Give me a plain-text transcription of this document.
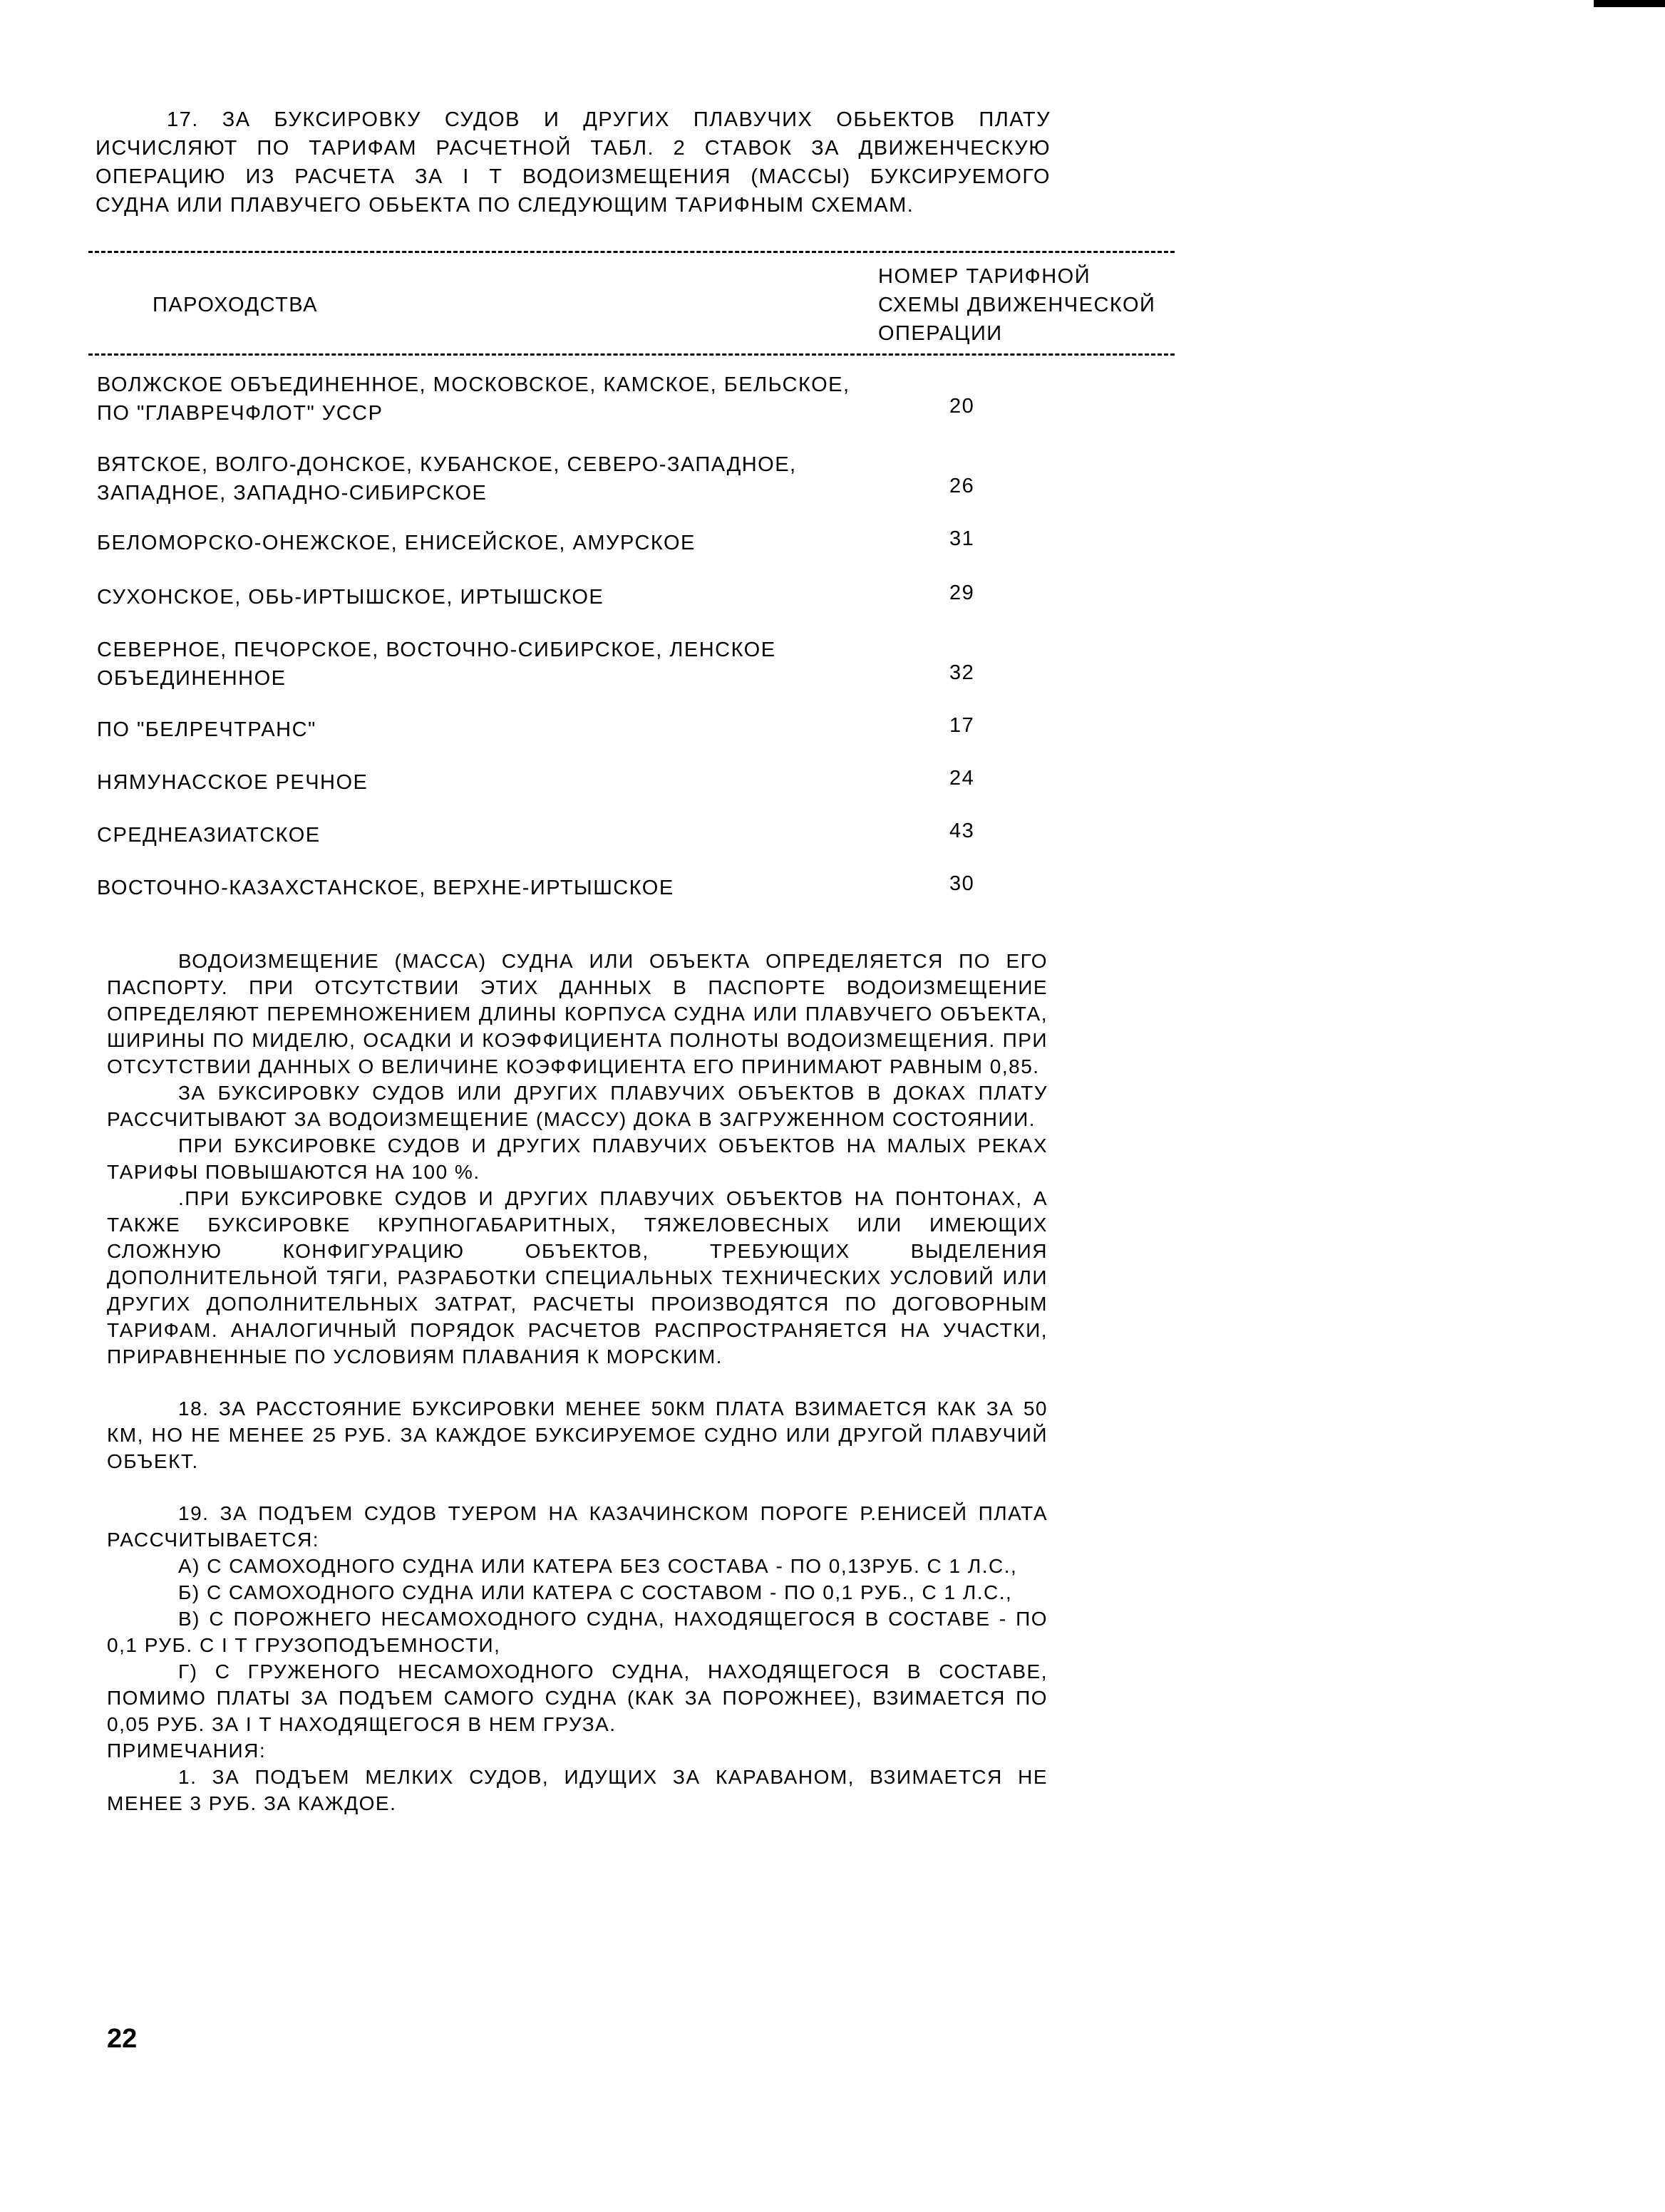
17. ЗА БУКСИРОВКУ СУДОВ И ДРУГИХ ПЛАВУЧИХ ОБЬЕКТОВ ПЛАТУ
ИСЧИСЛЯЮТ ПО ТАРИФАМ РАСЧЕТНОЙ ТАБЛ. 2 СТАВОК ЗА ДВИЖЕНЧЕСКУЮ
ОПЕРАЦИЮ ИЗ РАСЧЕТА ЗА I Т ВОДОИЗМЕЩЕНИЯ (МАССЫ) БУКСИРУЕМОГО
СУДНА ИЛИ ПЛАВУЧЕГО ОБЬЕКТА ПО СЛЕДУЮЩИМ ТАРИФНЫМ СХЕМАМ.
ПАРОХОДСТВА
НОМЕР ТАРИФНОЙ
СХЕМЫ ДВИЖЕНЧЕСКОЙ
ОПЕРАЦИИ
ВОЛЖСКОЕ ОБЪЕДИНЕННОЕ, МОСКОВСКОЕ, КАМСКОЕ, БЕЛЬСКОЕ,
ПО "ГЛАВРЕЧФЛОТ" УССР	20
ВЯТСКОЕ, ВОЛГО-ДОНСКОЕ, КУБАНСКОЕ, СЕВЕРО-ЗАПАДНОЕ,
ЗАПАДНОЕ, ЗАПАДНО-СИБИРСКОЕ	26
БЕЛОМОРСКО-ОНЕЖСКОЕ, ЕНИСЕЙСКОЕ, АМУРСКОЕ	31
СУХОНСКОЕ, ОБЬ-ИРТЫШСКОЕ, ИРТЫШСКОЕ	29
СЕВЕРНОЕ, ПЕЧОРСКОЕ, ВОСТОЧНО-СИБИРСКОЕ, ЛЕНСКОЕ
ОБЪЕДИНЕННОЕ	32
ПО "БЕЛРЕЧТРАНС"	17
НЯМУНАССКОЕ РЕЧНОЕ	24
СРЕДНЕАЗИАТСКОЕ	43
ВОСТОЧНО-КАЗАХСТАНСКОЕ, ВЕРХНЕ-ИРТЫШСКОЕ	30

ВОДОИЗМЕЩЕНИЕ (МАССА) СУДНА ИЛИ ОБЪЕКТА ОПРЕДЕЛЯЕТСЯ ПО ЕГО ПАСПОРТУ. ПРИ ОТСУТСТВИИ ЭТИХ ДАННЫХ В ПАСПОРТЕ ВОДОИЗМЕЩЕНИЕ ОПРЕДЕЛЯЮТ ПЕРЕМНОЖЕНИЕМ ДЛИНЫ КОРПУСА СУДНА ИЛИ ПЛАВУЧЕГО ОБЪЕКТА, ШИРИНЫ ПО МИДЕЛЮ, ОСАДКИ И КОЭФФИЦИЕНТА ПОЛНОТЫ ВОДОИЗМЕЩЕНИЯ. ПРИ ОТСУТСТВИИ ДАННЫХ О ВЕЛИЧИНЕ КОЭФФИЦИЕНТА ЕГО ПРИНИМАЮТ РАВНЫМ 0,85.

ЗА БУКСИРОВКУ СУДОВ ИЛИ ДРУГИХ ПЛАВУЧИХ ОБЪЕКТОВ В ДОКАХ ПЛАТУ РАССЧИТЫВАЮТ ЗА ВОДОИЗМЕЩЕНИЕ (МАССУ) ДОКА В ЗАГРУЖЕННОМ СОСТОЯНИИ.

ПРИ БУКСИРОВКЕ СУДОВ И ДРУГИХ ПЛАВУЧИХ ОБЪЕКТОВ НА МАЛЫХ РЕКАХ ТАРИФЫ ПОВЫШАЮТСЯ НА 100 %.

.ПРИ БУКСИРОВКЕ СУДОВ И ДРУГИХ ПЛАВУЧИХ ОБЪЕКТОВ НА ПОНТОНАХ, А ТАКЖЕ БУКСИРОВКЕ КРУПНОГАБАРИТНЫХ, ТЯЖЕЛОВЕСНЫХ ИЛИ ИМЕЮЩИХ СЛОЖНУЮ КОНФИГУРАЦИЮ ОБЪЕКТОВ, ТРЕБУЮЩИХ ВЫДЕЛЕНИЯ ДОПОЛНИТЕЛЬНОЙ ТЯГИ, РАЗРАБОТКИ СПЕЦИАЛЬНЫХ ТЕХНИЧЕСКИХ УСЛОВИЙ ИЛИ ДРУГИХ ДОПОЛНИТЕЛЬНЫХ ЗАТРАТ, РАСЧЕТЫ ПРОИЗВОДЯТСЯ ПО ДОГОВОРНЫМ ТАРИФАМ. АНАЛОГИЧНЫЙ ПОРЯДОК РАСЧЕТОВ РАСПРОСТРАНЯЕТСЯ НА УЧАСТКИ, ПРИРАВНЕННЫЕ ПО УСЛОВИЯМ ПЛАВАНИЯ К МОРСКИМ.

18. ЗА РАССТОЯНИЕ БУКСИРОВКИ МЕНЕЕ 50КМ ПЛАТА ВЗИМАЕТСЯ КАК ЗА 50 КМ, НО НЕ МЕНЕЕ 25 РУБ. ЗА КАЖДОЕ БУКСИРУЕМОЕ СУДНО ИЛИ ДРУГОЙ ПЛАВУЧИЙ ОБЪЕКТ.

19. ЗА ПОДЪЕМ СУДОВ ТУЕРОМ НА КАЗАЧИНСКОМ ПОРОГЕ Р.ЕНИСЕЙ ПЛАТА РАССЧИТЫВАЕТСЯ:

А) С САМОХОДНОГО СУДНА ИЛИ КАТЕРА БЕЗ СОСТАВА - ПО 0,13РУБ. С 1 Л.С.,

Б) С САМОХОДНОГО СУДНА ИЛИ КАТЕРА С СОСТАВОМ - ПО 0,1 РУБ., С 1 Л.С.,

В) С ПОРОЖНЕГО НЕСАМОХОДНОГО СУДНА, НАХОДЯЩЕГОСЯ В СОСТАВЕ - ПО 0,1 РУБ. С I Т ГРУЗОПОДЪЕМНОСТИ,

Г) С ГРУЖЕНОГО НЕСАМОХОДНОГО СУДНА, НАХОДЯЩЕГОСЯ В СОСТАВЕ, ПОМИМО ПЛАТЫ ЗА ПОДЪЕМ САМОГО СУДНА (КАК ЗА ПОРОЖНЕЕ), ВЗИМАЕТСЯ ПО 0,05 РУБ. ЗА I Т НАХОДЯЩЕГОСЯ В НЕМ ГРУЗА.

ПРИМЕЧАНИЯ:

1. ЗА ПОДЪЕМ МЕЛКИХ СУДОВ, ИДУЩИХ ЗА КАРАВАНОМ, ВЗИМАЕТСЯ НЕ МЕНЕЕ 3 РУБ. ЗА КАЖДОЕ.

22
